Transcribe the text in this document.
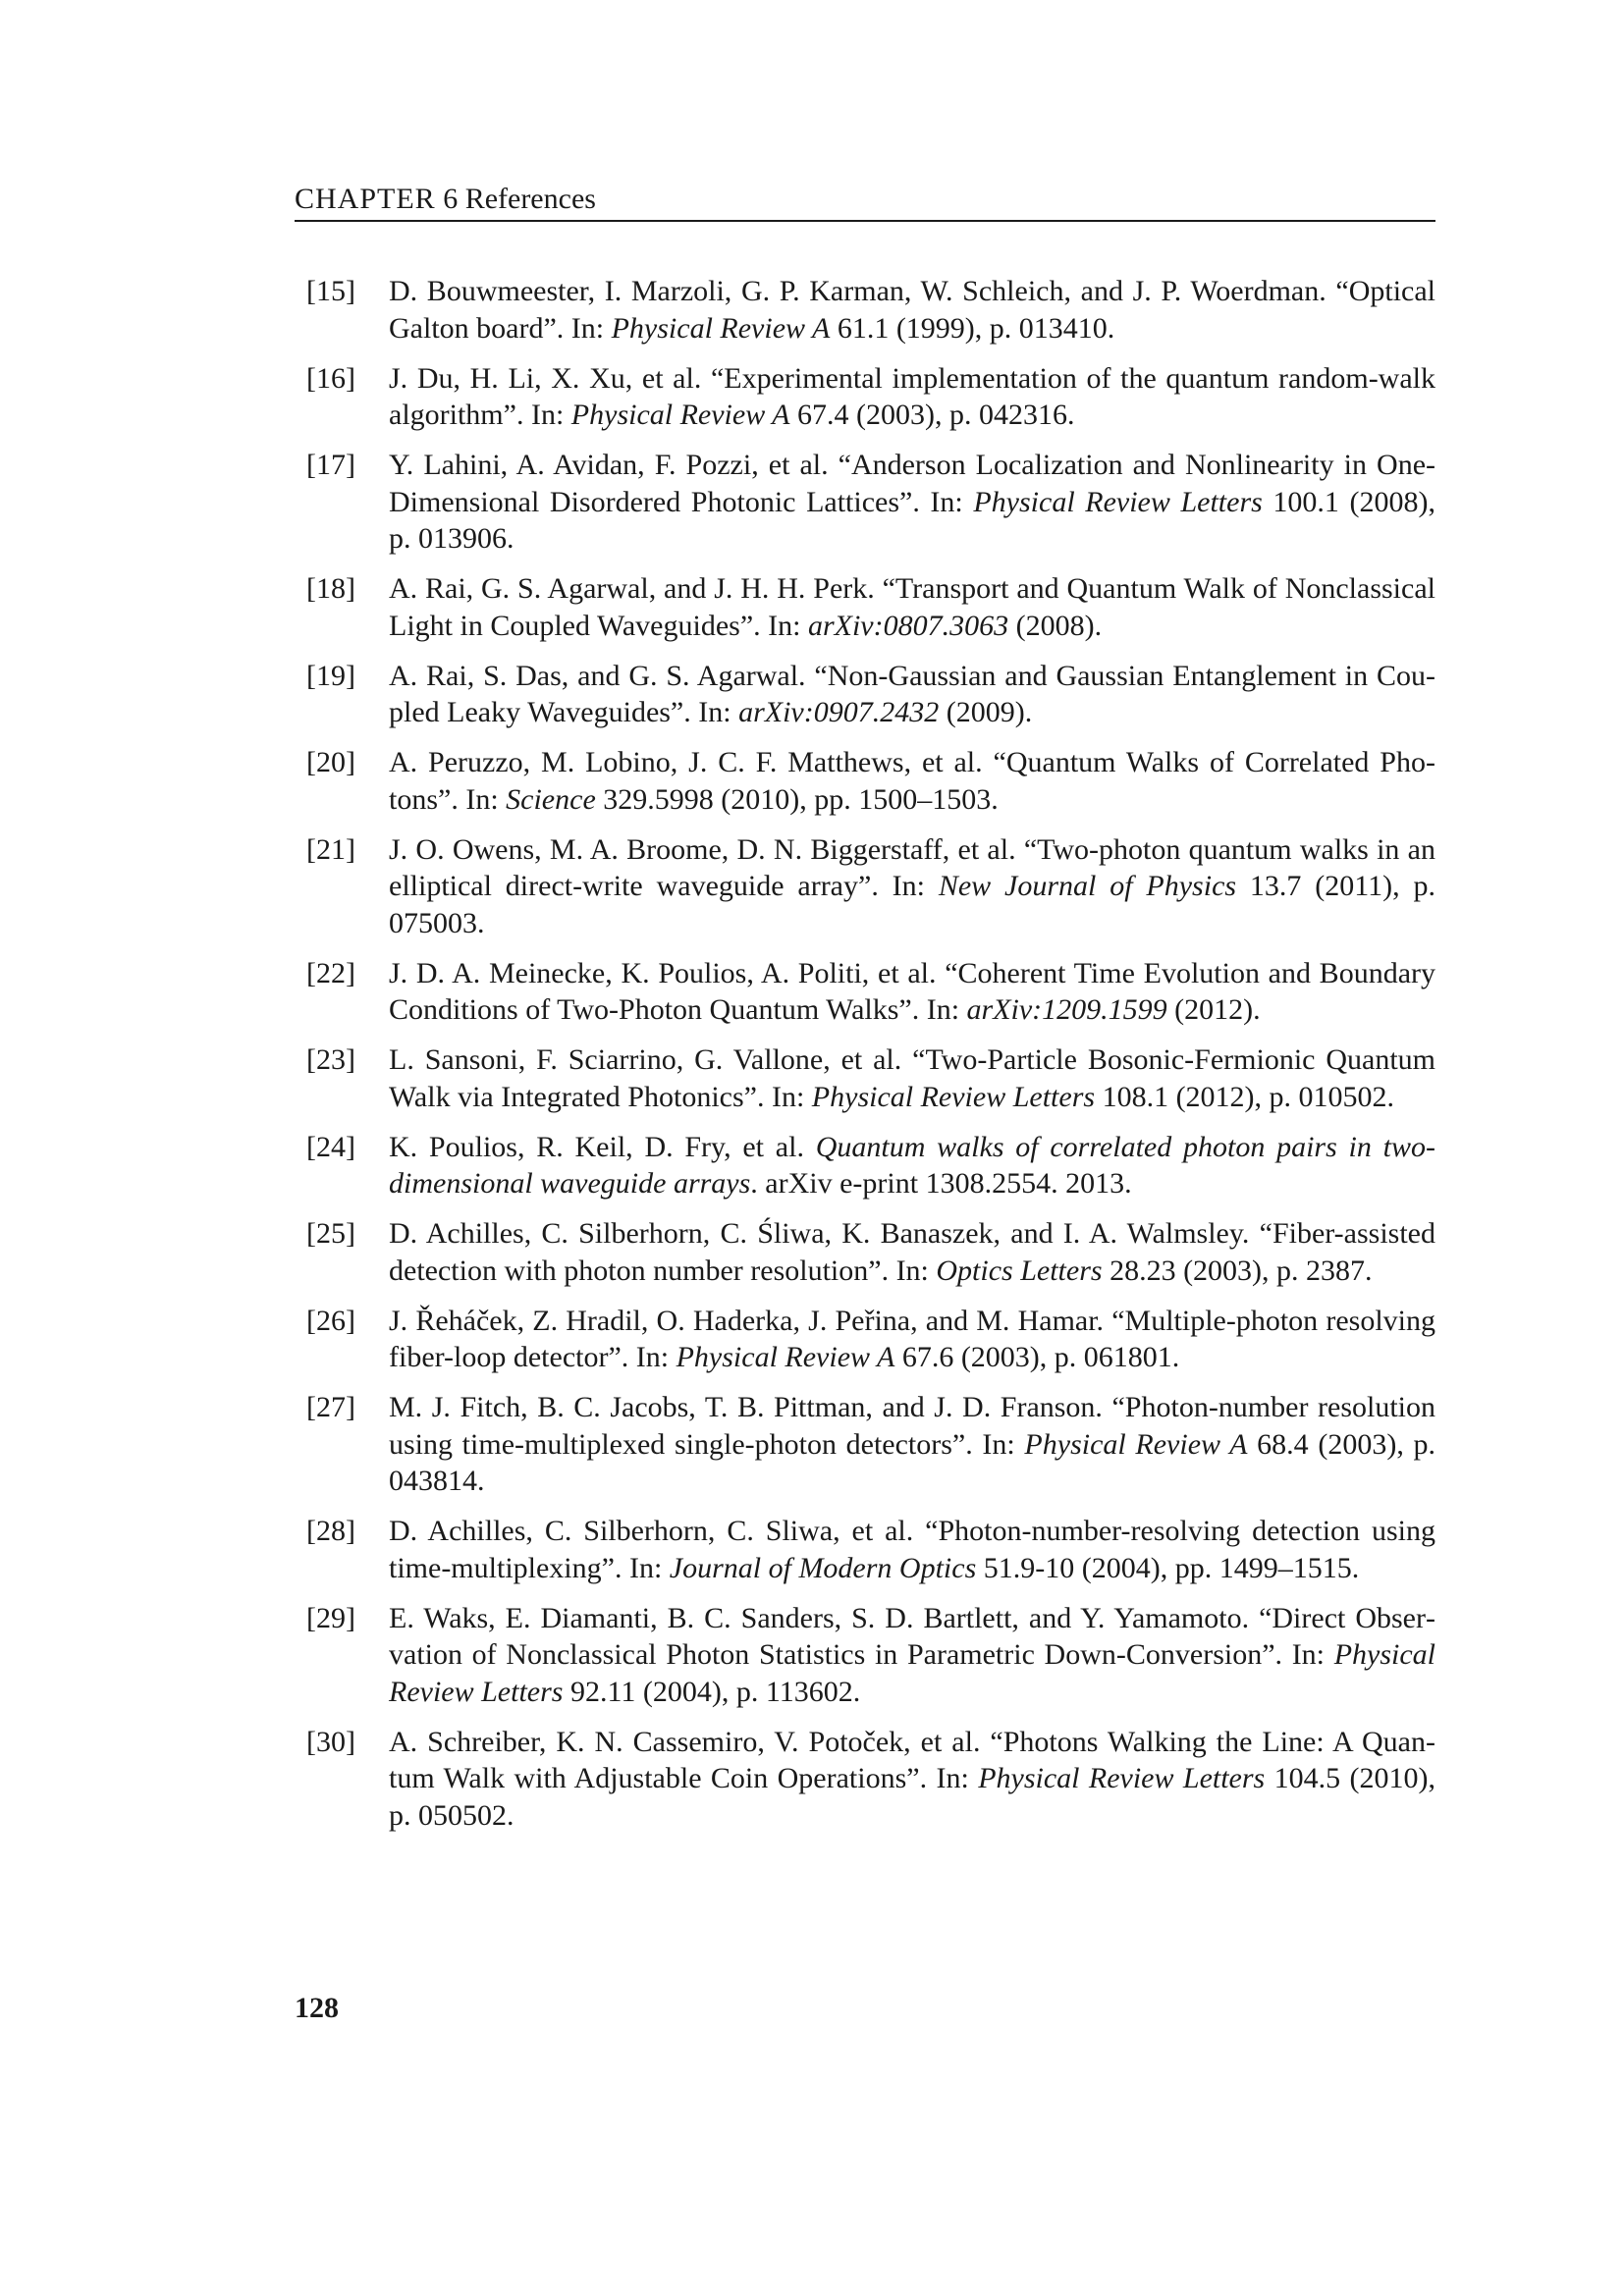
CHAPTER 6 References
[15]	D. Bouwmeester, I. Marzoli, G. P. Karman, W. Schleich, and J. P. Woerdman. “Optical Galton board”. In: Physical Review A 61.1 (1999), p. 013410.
[16]	J. Du, H. Li, X. Xu, et al. “Experimental implementation of the quantum random-walk algorithm”. In: Physical Review A 67.4 (2003), p. 042316.
[17]	Y. Lahini, A. Avidan, F. Pozzi, et al. “Anderson Localization and Nonlinearity in One-Dimensional Disordered Photonic Lattices”. In: Physical Review Letters 100.1 (2008), p. 013906.
[18]	A. Rai, G. S. Agarwal, and J. H. H. Perk. “Transport and Quantum Walk of Nonclassical Light in Coupled Waveguides”. In: arXiv:0807.3063 (2008).
[19]	A. Rai, S. Das, and G. S. Agarwal. “Non-Gaussian and Gaussian Entanglement in Coupled Leaky Waveguides”. In: arXiv:0907.2432 (2009).
[20]	A. Peruzzo, M. Lobino, J. C. F. Matthews, et al. “Quantum Walks of Correlated Photons”. In: Science 329.5998 (2010), pp. 1500–1503.
[21]	J. O. Owens, M. A. Broome, D. N. Biggerstaff, et al. “Two-photon quantum walks in an elliptical direct-write waveguide array”. In: New Journal of Physics 13.7 (2011), p. 075003.
[22]	J. D. A. Meinecke, K. Poulios, A. Politi, et al. “Coherent Time Evolution and Boundary Conditions of Two-Photon Quantum Walks”. In: arXiv:1209.1599 (2012).
[23]	L. Sansoni, F. Sciarrino, G. Vallone, et al. “Two-Particle Bosonic-Fermionic Quantum Walk via Integrated Photonics”. In: Physical Review Letters 108.1 (2012), p. 010502.
[24]	K. Poulios, R. Keil, D. Fry, et al. Quantum walks of correlated photon pairs in two-dimensional waveguide arrays. arXiv e-print 1308.2554. 2013.
[25]	D. Achilles, C. Silberhorn, C. Śliwa, K. Banaszek, and I. A. Walmsley. “Fiber-assisted detection with photon number resolution”. In: Optics Letters 28.23 (2003), p. 2387.
[26]	J. Řeháček, Z. Hradil, O. Haderka, J. Peřina, and M. Hamar. “Multiple-photon resolving fiber-loop detector”. In: Physical Review A 67.6 (2003), p. 061801.
[27]	M. J. Fitch, B. C. Jacobs, T. B. Pittman, and J. D. Franson. “Photon-number resolution using time-multiplexed single-photon detectors”. In: Physical Review A 68.4 (2003), p. 043814.
[28]	D. Achilles, C. Silberhorn, C. Sliwa, et al. “Photon-number-resolving detection using time-multiplexing”. In: Journal of Modern Optics 51.9-10 (2004), pp. 1499–1515.
[29]	E. Waks, E. Diamanti, B. C. Sanders, S. D. Bartlett, and Y. Yamamoto. “Direct Observation of Nonclassical Photon Statistics in Parametric Down-Conversion”. In: Physical Review Letters 92.11 (2004), p. 113602.
[30]	A. Schreiber, K. N. Cassemiro, V. Potoček, et al. “Photons Walking the Line: A Quantum Walk with Adjustable Coin Operations”. In: Physical Review Letters 104.5 (2010), p. 050502.
128
